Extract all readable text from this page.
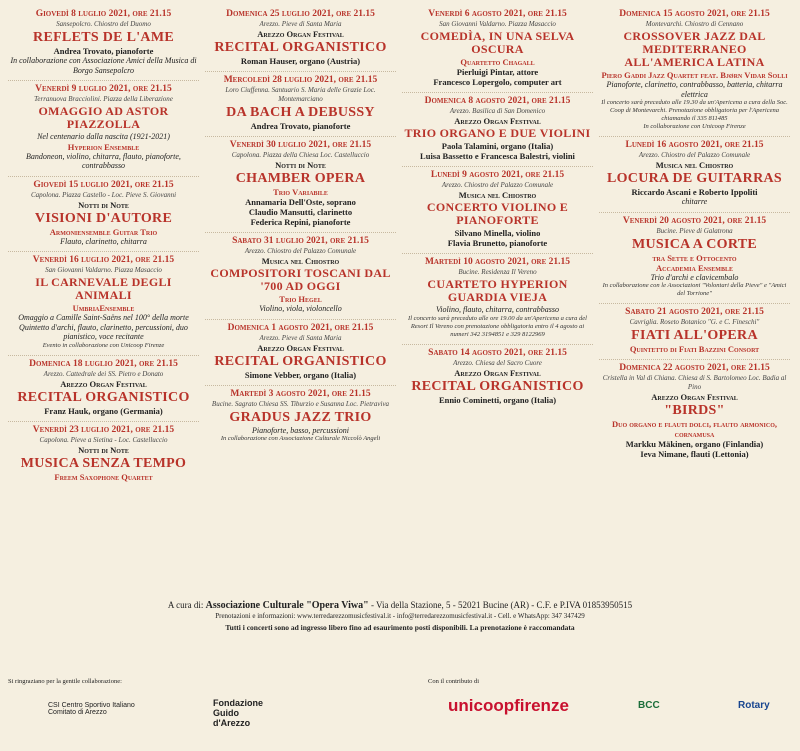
Giovedì 8 luglio 2021, ore 21.15
Sansepolcro. Chiostro del Duomo
REFLETS DE L'AME
Andrea Trovato, pianoforte
In collaborazione con Associazione Amici della Musica di Borgo Sansepolcro
Venerdì 9 luglio 2021, ore 21.15
Terranuova Bracciolini. Piazza della Liberazione
OMAGGIO AD ASTOR PIAZZOLLA
Nel centenario dalla nascita (1921-2021)
Hyperion Ensemble
Bandoneon, violino, chitarra, flauto, pianoforte, contrabbasso
Giovedì 15 luglio 2021, ore 21.15
Capolona. Piazza Castello - Loc. Pieve S. Giovanni
Notti di Note
VISIONI D'AUTORE
Armoniensemble Guitar Trio
Flauto, clarinetto, chitarra
Venerdì 16 luglio 2021, ore 21.15
San Giovanni Valdarno. Piazza Masaccio
IL CARNEVALE DEGLI ANIMALI
UmbriaEnsemble
Omaggio a Camille Saint-Saëns nel 100° della morte
Quintetto d'archi, flauto, clarinetto, percussioni, duo pianistico, voce recitante
Evento in collaborazione con Unicoop Firenze
Domenica 18 luglio 2021, ore 21.15
Arezzo. Cattedrale dei SS. Pietro e Donato
Arezzo Organ Festival
RECITAL ORGANISTICO
Franz Hauk, organo (Germania)
Venerdì 23 luglio 2021, ore 21.15
Capolona. Pieve a Sietina - Loc. Castelluccio
Notti di Note
MUSICA SENZA TEMPO
Freem Saxophone Quartet
Domenica 25 luglio 2021, ore 21.15
Arezzo. Pieve di Santa Maria
Arezzo Organ Festival
RECITAL ORGANISTICO
Roman Hauser, organo (Austria)
Mercoledì 28 luglio 2021, ore 21.15
Loro Ciuffenna. Santuario S. Maria delle Grazie Loc. Montemarciano
DA BACH A DEBUSSY
Andrea Trovato, pianoforte
Venerdì 30 luglio 2021, ore 21.15
Capolona. Piazza della Chiesa Loc. Castelluccio
Notti di Note
CHAMBER OPERA
Trio Variabile
Annamaria Dell'Oste, soprano
Claudio Mansutti, clarinetto
Federica Repini, pianoforte
Sabato 31 luglio 2021, ore 21.15
Arezzo. Chiostro del Palazzo Comunale
Musica nel Chiostro
COMPOSITORI TOSCANI DAL '700 AD OGGI
Trio Hegel
Violino, viola, violoncello
Domenica 1 agosto 2021, ore 21.15
Arezzo. Pieve di Santa Maria
Arezzo Organ Festival
RECITAL ORGANISTICO
Simone Vebber, organo (Italia)
Martedì 3 agosto 2021, ore 21.15
Bucine. Sagrato Chiesa SS. Tiburzio e Susanna Loc. Pietraviva
GRADUS JAZZ TRIO
Pianoforte, basso, percussioni
In collaborazione con Associazione Culturale Niccolò Angeli
Venerdì 6 agosto 2021, ore 21.15
San Giovanni Valdarno. Piazza Masaccio
COMEDÌA, IN UNA SELVA OSCURA
Quartetto Chagall
Pierluigi Pintar, attore
Francesco Lopergolo, computer art
Domenica 8 agosto 2021, ore 21.15
Arezzo. Basilica di San Domenico
Arezzo Organ Festival
TRIO ORGANO E DUE VIOLINI
Paola Talamini, organo (Italia)
Luisa Bassetto e Francesca Balestri, violini
Lunedì 9 agosto 2021, ore 21.15
Arezzo. Chiostro del Palazzo Comunale
Musica nel Chiostro
CONCERTO VIOLINO E PIANOFORTE
Silvano Minella, violino
Flavia Brunetto, pianoforte
Martedì 10 agosto 2021, ore 21.15
Bucine. Residenza Il Vereno
CUARTETO HYPERION GUARDIA VIEJA
Violino, flauto, chitarra, contrabbasso
Il concerto sarà preceduto alle ore 19.00 da un'Apericena a cura del Resort Il Vereno con prenotazione obbligatoria entro il 4 agosto ai numeri 342 3194851 e 329 8122969
Sabato 14 agosto 2021, ore 21.15
Arezzo. Chiesa del Sacro Cuore
Arezzo Organ Festival
RECITAL ORGANISTICO
Ennio Cominetti, organo (Italia)
Domenica 15 agosto 2021, ore 21.15
Montevarchi. Chiostro di Cennano
CROSSOVER JAZZ DAL MEDITERRANEO ALL'AMERICA LATINA
Piero Gaddi Jazz Quartet feat. Bjørn Vidar Solli
Pianoforte, clarinetto, contrabbasso, batteria, chitarra elettrica
Il concerto sarà preceduto alle 19.30 da un'Apericena a cura della Soc. Coop di Montevarchi. Prenotazione obbligatoria per l'Apericena chiamando il 335 811485
In collaborazione con Unicoop Firenze
Lunedì 16 agosto 2021, ore 21.15
Arezzo. Chiostro del Palazzo Comunale
Musica nel Chiostro
LOCURA DE GUITARRAS
Riccardo Ascani e Roberto Ippoliti
chitarre
Venerdì 20 agosto 2021, ore 21.15
Bucine. Pieve di Galatrona
MUSICA A CORTE
tra Sette e Ottocento
Accademia Ensemble
Trio d'archi e clavicembalo
In collaborazione con le Associazioni "Volontari della Pieve" e "Amici del Torrione"
Sabato 21 agosto 2021, ore 21.15
Cavriglia. Roseto Botanico "G. e C. Fineschi"
FIATI ALL'OPERA
Quintetto di Fiati Bazzini Consort
Domenica 22 agosto 2021, ore 21.15
Cristella in Val di Chiana. Chiesa di S. Bartolomeo Loc. Badia al Pino
Arezzo Organ Festival
"BIRDS"
Duo organo e flauti dolci, flauto armonico, cornamusa
Markku Mäkinen, organo (Finlandia)
Ieva Nimane, flauti (Lettonia)
A cura di: Associazione Culturale "Opera Viwa" - Via della Stazione, 5 - 52021 Bucine (AR) - C.F. e P.IVA 01853950515
Prenotazioni e informazioni: www.terredarezzomusicfestival.it - info@terredarezzomusicfestival.it - Cell. e WhatsApp: 347 347429
Tutti i concerti sono ad ingresso libero fino ad esaurimento posti disponibili. La prenotazione è raccomandata
Si ringraziano per la gentile collaborazione:	Con il contributo di
CSI Centro Sportivo Italiano Comitato di Arezzo
Fondazione Guido d'Arezzo
unicoopfirenze	BCC	Rotary
